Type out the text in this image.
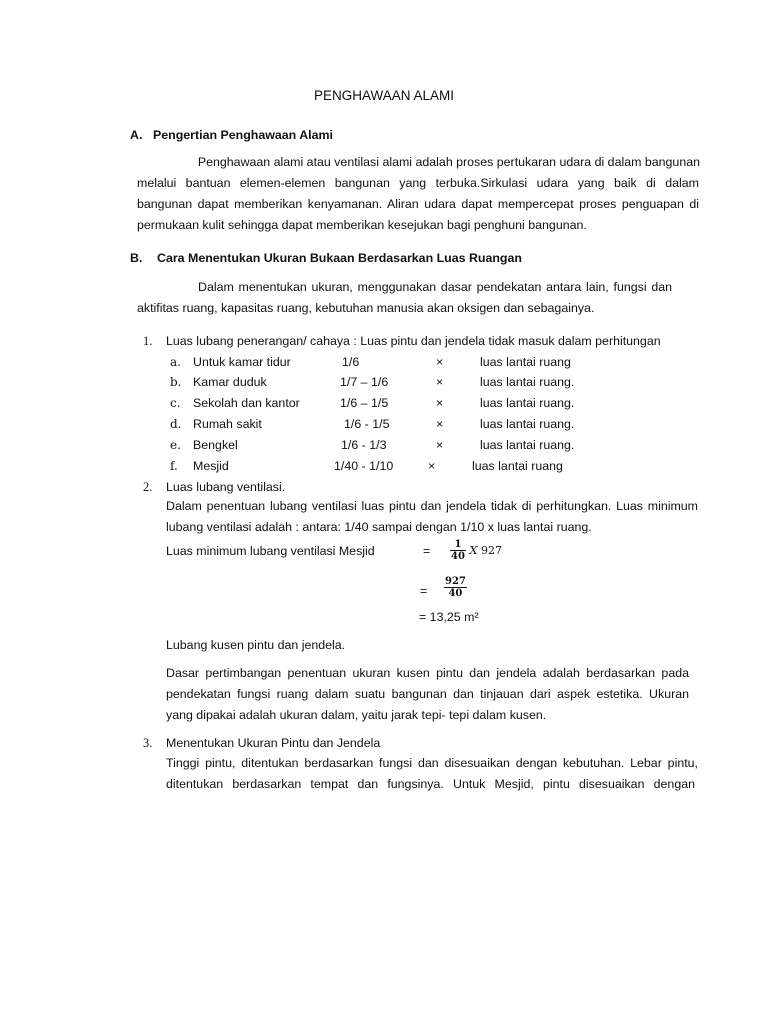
PENGHAWAAN ALAMI
A. Pengertian Penghawaan Alami
Penghawaan alami atau ventilasi alami adalah proses pertukaran udara di dalam bangunan
melalui bantuan elemen-elemen bangunan yang terbuka.Sirkulasi udara yang baik di dalam
bangunan dapat memberikan kenyamanan. Aliran udara dapat mempercepat proses penguapan di
permukaan kulit sehingga dapat memberikan kesejukan bagi penghuni bangunan.
B. Cara Menentukan Ukuran Bukaan Berdasarkan Luas Ruangan
Dalam menentukan ukuran, menggunakan dasar pendekatan antara lain, fungsi dan
aktifitas ruang, kapasitas ruang, kebutuhan manusia akan oksigen dan sebagainya.
1. Luas lubang penerangan/ cahaya : Luas pintu dan jendela tidak masuk dalam perhitungan
a. Untuk kamar tidur	1/6	×	luas lantai ruang
b. Kamar duduk	1/7 – 1/6	×	luas lantai ruang.
c. Sekolah dan kantor	1/6 – 1/5	×	luas lantai ruang.
d. Rumah sakit	1/6 - 1/5	×	luas lantai ruang.
e. Bengkel	1/6 - 1/3	×	luas lantai ruang.
f. Mesjid	1/40 - 1/10	×	luas lantai ruang
2. Luas lubang ventilasi.
Dalam penentuan lubang ventilasi luas pintu dan jendela tidak di perhitungkan. Luas minimum
lubang ventilasi adalah : antara: 1/40 sampai dengan 1/10 x luas lantai ruang.
Luas minimum lubang ventilasi Mesjid	= $\frac{1}{40}$ X 927
= $\frac{927}{40}$
= 13,25 m²
Lubang kusen pintu dan jendela.
Dasar pertimbangan penentuan ukuran kusen pintu dan jendela adalah berdasarkan pada
pendekatan fungsi ruang dalam suatu bangunan dan tinjauan dari aspek estetika. Ukuran
yang dipakai adalah ukuran dalam, yaitu jarak tepi- tepi dalam kusen.
3. Menentukan Ukuran Pintu dan Jendela
Tinggi pintu, ditentukan berdasarkan fungsi dan disesuaikan dengan kebutuhan. Lebar pintu,
ditentukan berdasarkan tempat dan fungsinya. Untuk Mesjid, pintu disesuaikan dengan
